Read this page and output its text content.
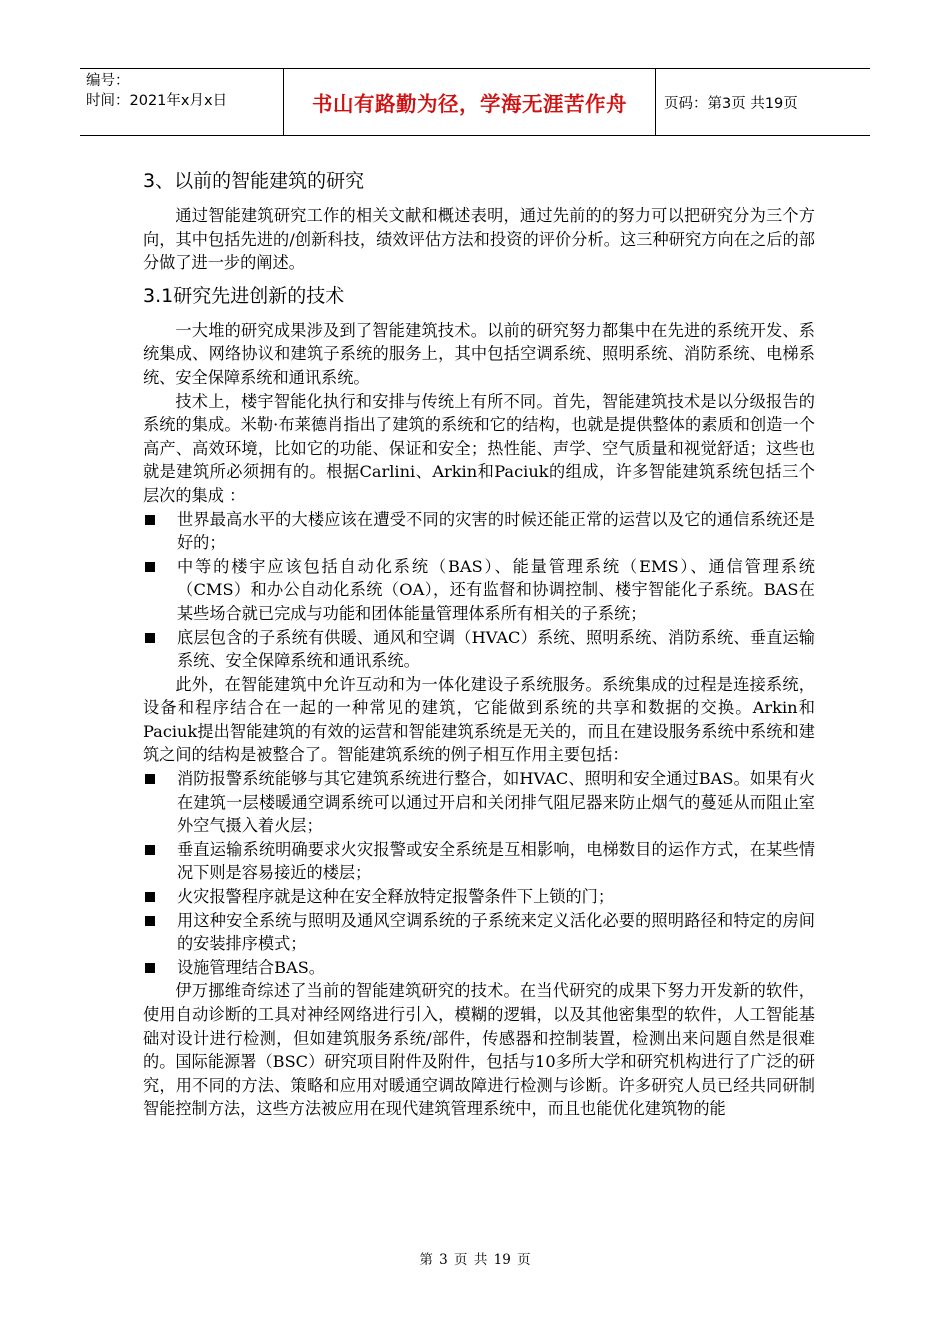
编号：
时间：2021年x月x日	书山有路勤为径，学海无涯苦作舟	页码：第3页 共19页
3、以前的智能建筑的研究

通过智能建筑研究工作的相关文献和概述表明，通过先前的的努力可以把研究分为三个方向，其中包括先进的/创新科技，绩效评估方法和投资的评价分析。这三种研究方向在之后的部分做了进一步的阐述。

3.1研究先进创新的技术

一大堆的研究成果涉及到了智能建筑技术。以前的研究努力都集中在先进的系统开发、系统集成、网络协议和建筑子系统的服务上，其中包括空调系统、照明系统、消防系统、电梯系统、安全保障系统和通讯系统。

技术上，楼宇智能化执行和安排与传统上有所不同。首先，智能建筑技术是以分级报告的系统的集成。米勒·布莱德肖指出了建筑的系统和它的结构，也就是提供整体的素质和创造一个高产、高效环境，比如它的功能、保证和安全；热性能、声学、空气质量和视觉舒适；这些也就是建筑所必须拥有的。根据Carlini、Arkin和Paciuk的组成，许多智能建筑系统包括三个层次的集成 ：

世界最高水平的大楼应该在遭受不同的灾害的时候还能正常的运营以及它的通信系统还是好的；
中等的楼宇应该包括自动化系统（BAS）、能量管理系统（EMS）、通信管理系统（CMS）和办公自动化系统（OA），还有监督和协调控制、楼宇智能化子系统。BAS在某些场合就已完成与功能和团体能量管理体系所有相关的子系统；
底层包含的子系统有供暖、通风和空调（HVAC）系统、照明系统、消防系统、垂直运输系统、安全保障系统和通讯系统。

此外，在智能建筑中允许互动和为一体化建设子系统服务。系统集成的过程是连接系统，设备和程序结合在一起的一种常见的建筑，它能做到系统的共享和数据的交换。Arkin和Paciuk提出智能建筑的有效的运营和智能建筑系统是无关的，而且在建设服务系统中系统和建筑之间的结构是被整合了。智能建筑系统的例子相互作用主要包括：

消防报警系统能够与其它建筑系统进行整合，如HVAC、照明和安全通过BAS。如果有火在建筑一层楼暖通空调系统可以通过开启和关闭排气阻尼器来防止烟气的蔓延从而阻止室外空气摄入着火层；
垂直运输系统明确要求火灾报警或安全系统是互相影响，电梯数目的运作方式，在某些情况下则是容易接近的楼层；
火灾报警程序就是这种在安全释放特定报警条件下上锁的门；
用这种安全系统与照明及通风空调系统的子系统来定义活化必要的照明路径和特定的房间的安装排序模式；
设施管理结合BAS。

伊万挪维奇综述了当前的智能建筑研究的技术。在当代研究的成果下努力开发新的软件，使用自动诊断的工具对神经网络进行引入，模糊的逻辑，以及其他密集型的软件，人工智能基础对设计进行检测，但如建筑服务系统/部件，传感器和控制装置，检测出来问题自然是很难的。国际能源署（BSC）研究项目附件及附件，包括与10多所大学和研究机构进行了广泛的研究，用不同的方法、策略和应用对暖通空调故障进行检测与诊断。许多研究人员已经共同研制智能控制方法，这些方法被应用在现代建筑管理系统中，而且也能优化建筑物的能

第 3 页 共 19 页
